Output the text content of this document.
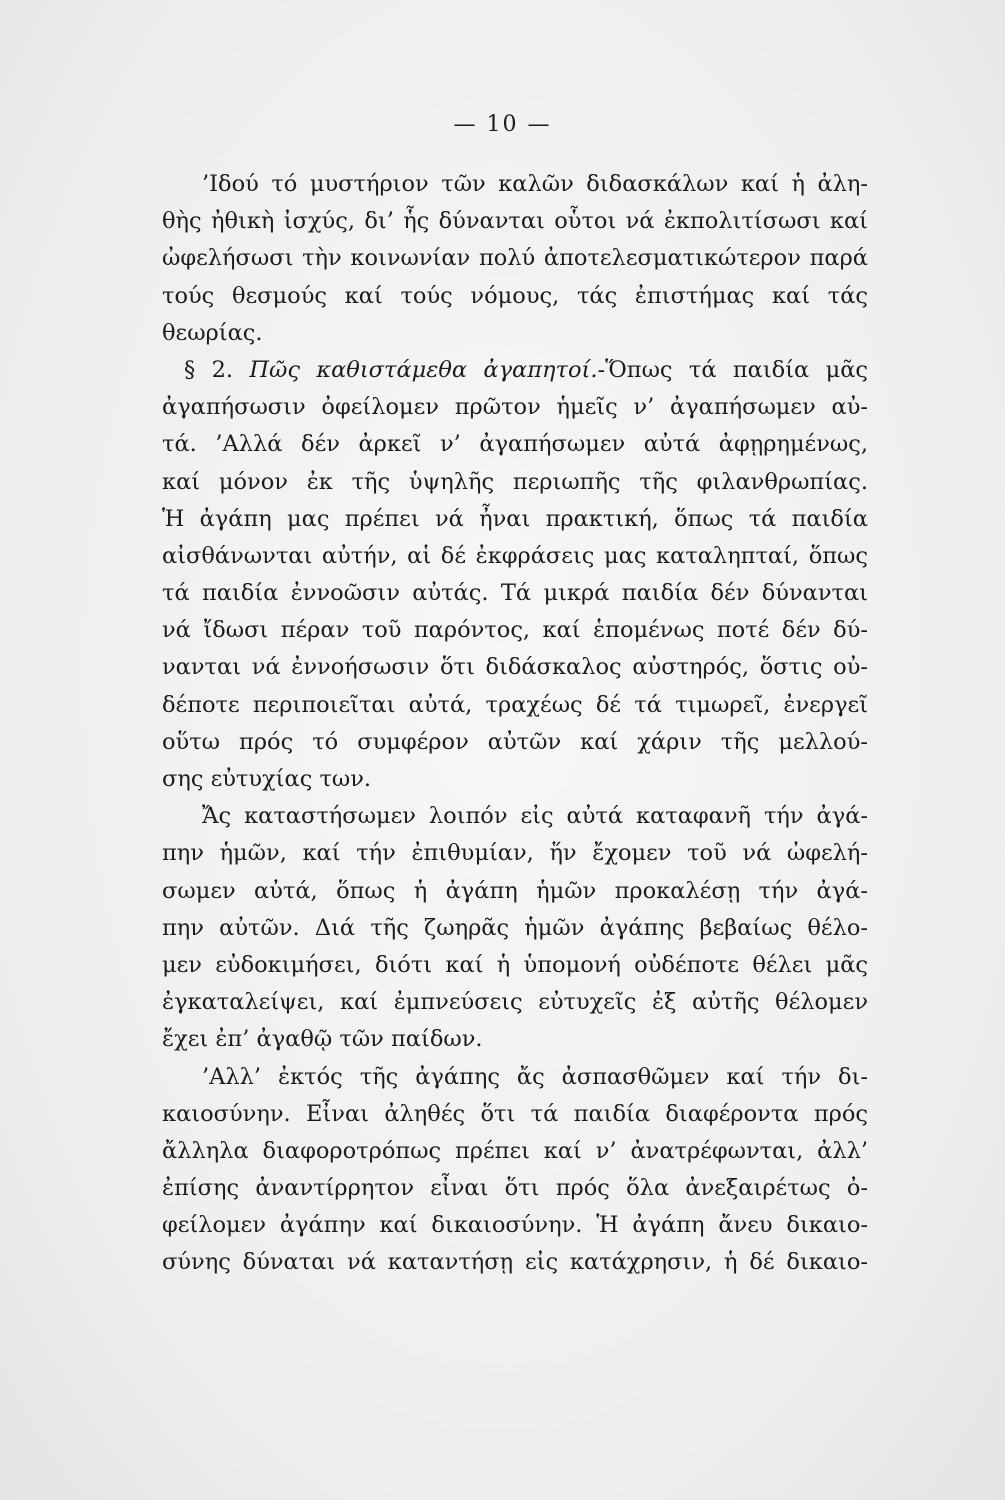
— 10 —
’Ιδού τό μυστήριον τῶν καλῶν διδασκάλων καί ἡ ἀλη-
θὴς ἠθικὴ ἰσχύς, δι’ ἧς δύνανται οὗτοι νά ἐκπολιτίσωσι καί
ὠφελήσωσι τὴν κοινωνίαν πολύ ἀποτελεσματικώτερον παρά
τούς θεσμούς καί τούς νόμους, τάς ἐπιστήμας καί τάς
θεωρίας.
§ 2. Πῶς καθιστάμεθα ἀγαπητοί.-Ὅπως τά παιδία μᾶς
ἀγαπήσωσιν ὀφείλομεν πρῶτον ἡμεῖς ν’ ἀγαπήσωμεν αὐ-
τά. ’Αλλά δέν ἀρκεῖ ν’ ἀγαπήσωμεν αὐτά ἀφῃρημένως,
καί μόνον ἐκ τῆς ὑψηλῆς περιωπῆς τῆς φιλανθρωπίας.
Ἡ ἀγάπη μας πρέπει νά ἦναι πρακτική, ὅπως τά παιδία
αἰσθάνωνται αὐτήν, αἱ δέ ἐκφράσεις μας καταληπταί, ὅπως
τά παιδία ἐννοῶσιν αὐτάς. Τά μικρά παιδία δέν δύνανται
νά ἴδωσι πέραν τοῦ παρόντος, καί ἑπομένως ποτέ δέν δύ-
νανται νά ἐννοήσωσιν ὅτι διδάσκαλος αὐστηρός, ὅστις οὐ-
δέποτε περιποιεῖται αὐτά, τραχέως δέ τά τιμωρεῖ, ἐνεργεῖ
οὕτω πρός τό συμφέρον αὐτῶν καί χάριν τῆς μελλού-
σης εὐτυχίας των.
Ἄς καταστήσωμεν λοιπόν εἰς αὐτά καταφανῆ τήν ἀγά-
πην ἡμῶν, καί τήν ἐπιθυμίαν, ἥν ἔχομεν τοῦ νά ὠφελή-
σωμεν αὐτά, ὅπως ἡ ἀγάπη ἡμῶν προκαλέσῃ τήν ἀγά-
πην αὐτῶν. Διά τῆς ζωηρᾶς ἡμῶν ἀγάπης βεβαίως θέλο-
μεν εὐδοκιμήσει, διότι καί ἡ ὑπομονή οὐδέποτε θέλει μᾶς
ἐγκαταλείψει, καί ἐμπνεύσεις εὐτυχεῖς ἐξ αὐτῆς θέλομεν
ἔχει ἐπ’ ἀγαθῷ τῶν παίδων.
’Αλλ’ ἐκτός τῆς ἀγάπης ἄς ἀσπασθῶμεν καί τήν δι-
καιοσύνην. Εἶναι ἀληθές ὅτι τά παιδία διαφέροντα πρός
ἄλληλα διαφοροτρόπως πρέπει καί ν’ ἀνατρέφωνται, ἀλλ’
ἐπίσης ἀναντίρρητον εἶναι ὅτι πρός ὅλα ἀνεξαιρέτως ὀ-
φείλομεν ἀγάπην καί δικαιοσύνην. Ἡ ἀγάπη ἄνευ δικαιο-
σύνης δύναται νά καταντήσῃ εἰς κατάχρησιν, ἡ δέ δικαιο-
